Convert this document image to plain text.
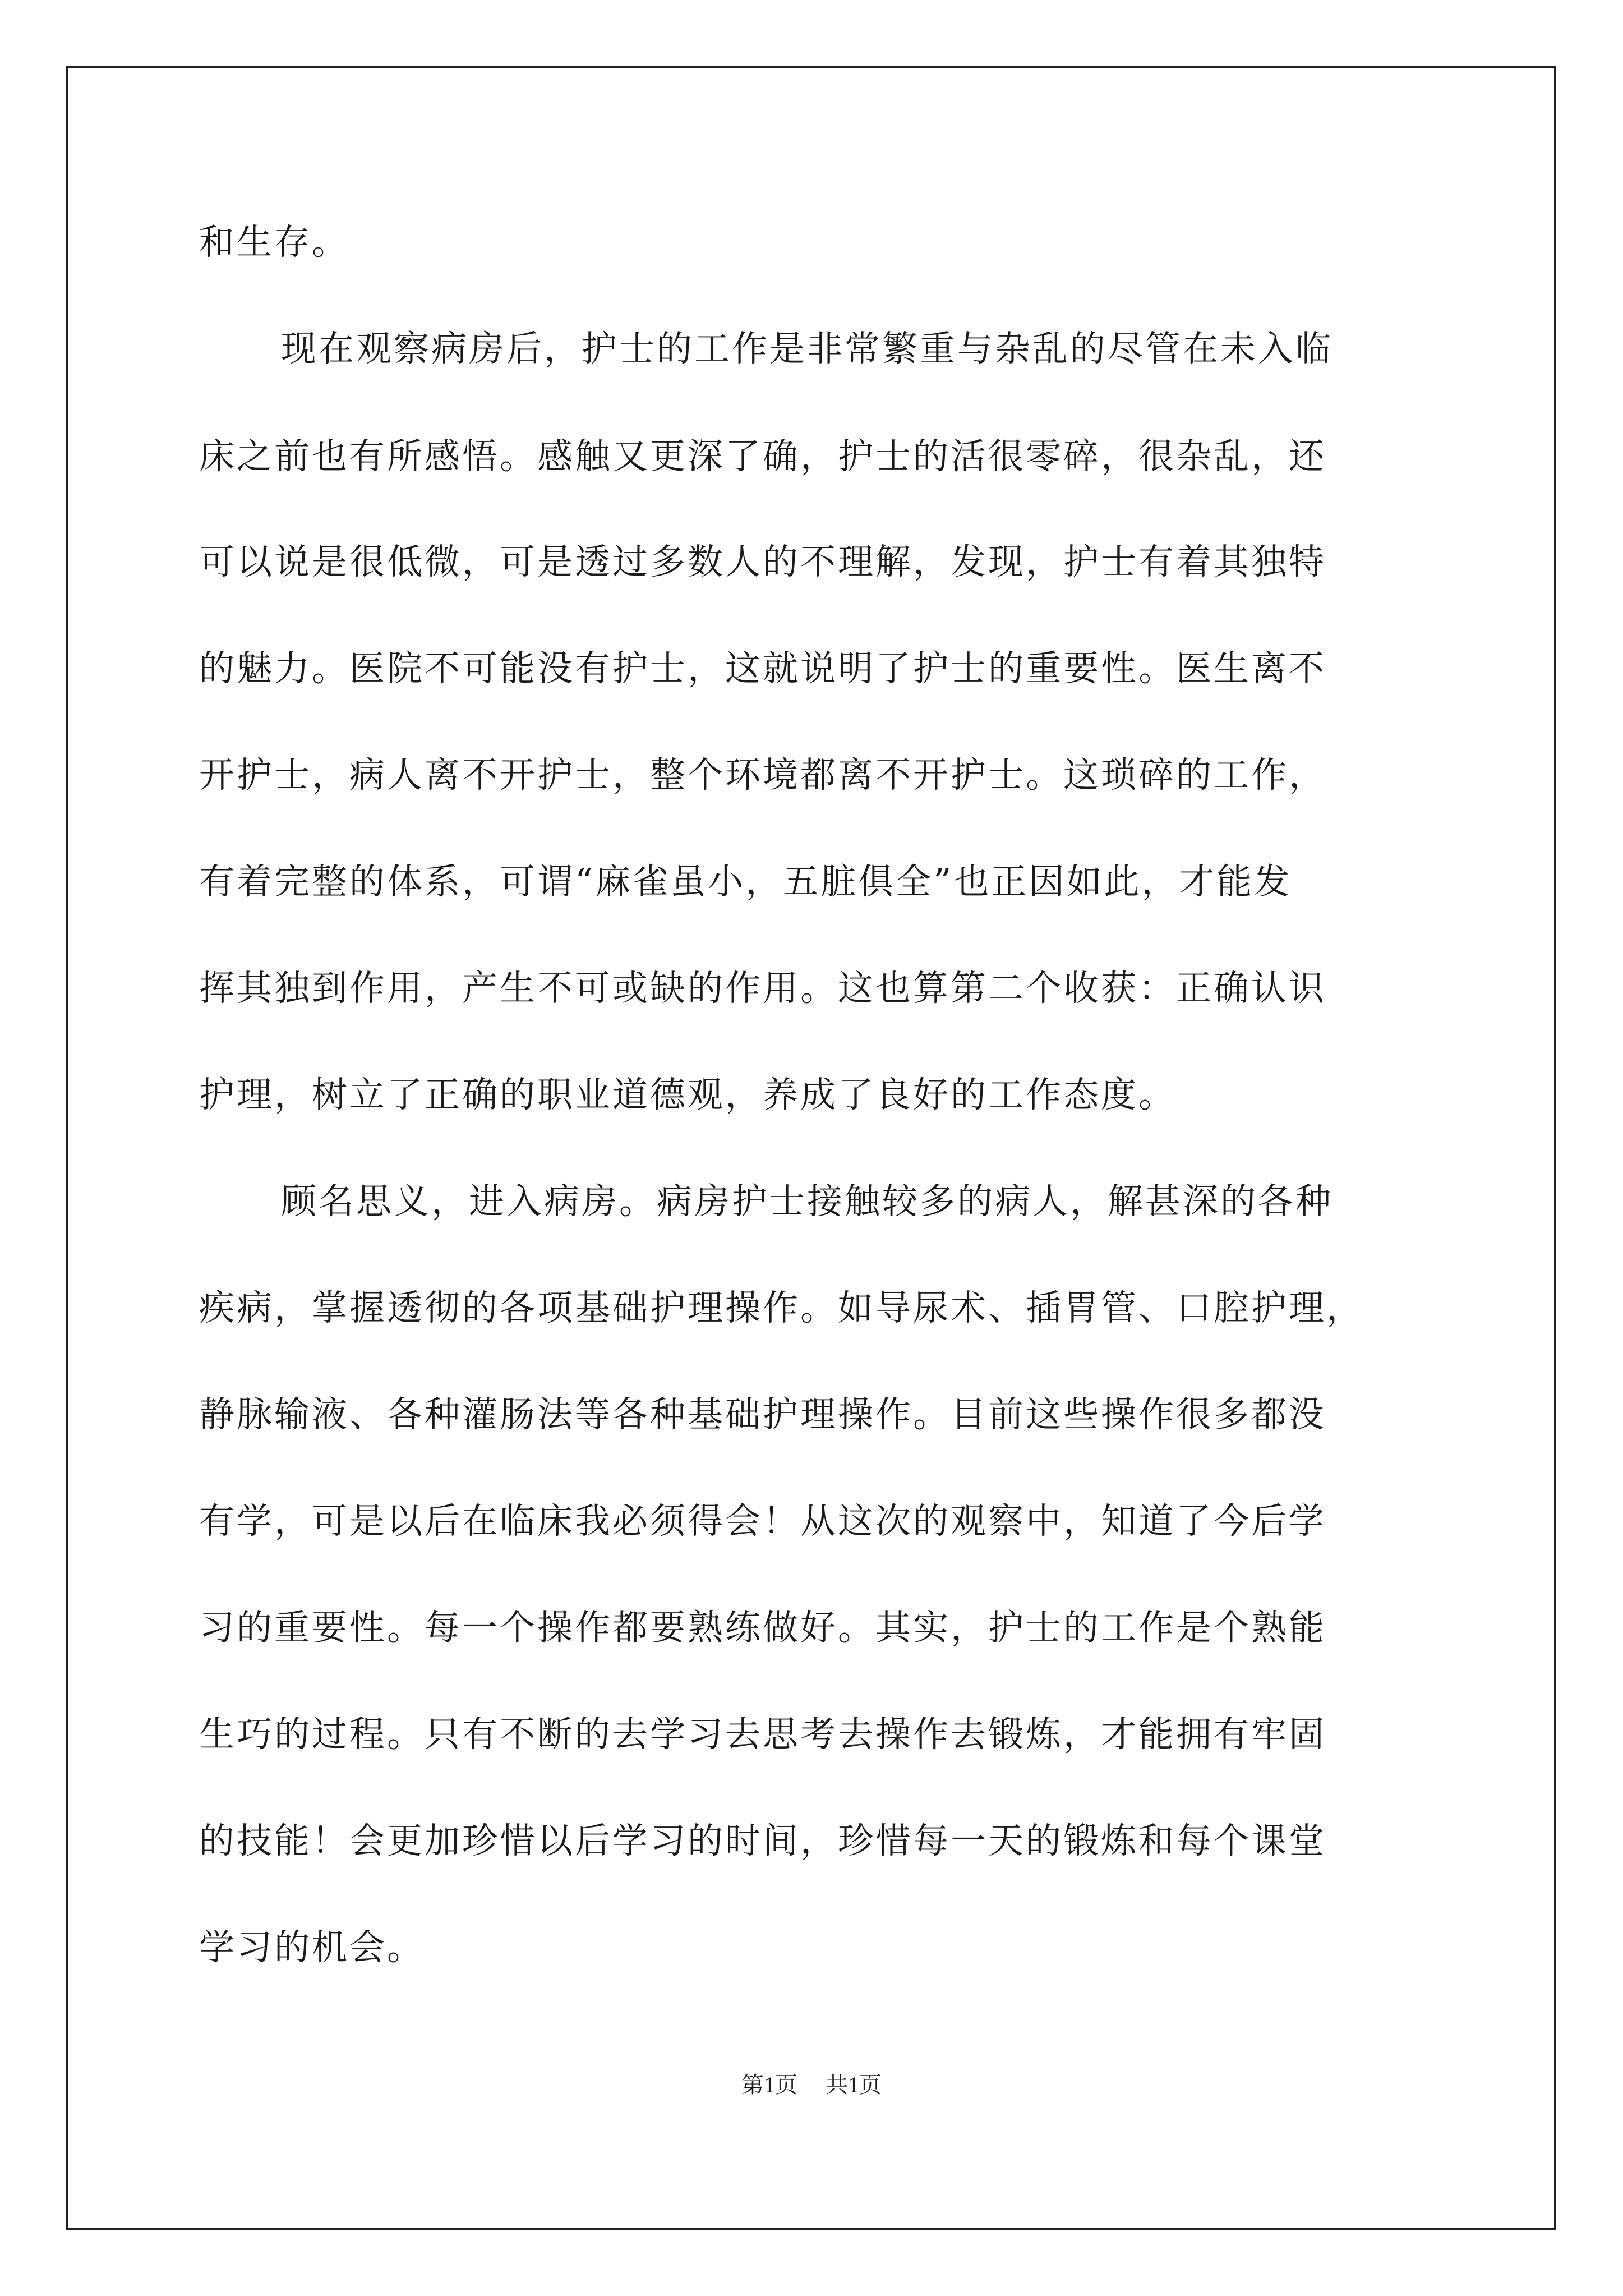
和生存。
现在观察病房后，护士的工作是非常繁重与杂乱的尽管在未入临
床之前也有所感悟。感触又更深了确，护士的活很零碎，很杂乱，还
可以说是很低微，可是透过多数人的不理解，发现，护士有着其独特
的魅力。医院不可能没有护士，这就说明了护士的重要性。医生离不
开护士，病人离不开护士，整个环境都离不开护士。这琐碎的工作，
有着完整的体系，可谓“麻雀虽小，五脏俱全”也正因如此，才能发
挥其独到作用，产生不可或缺的作用。这也算第二个收获：正确认识
护理，树立了正确的职业道德观，养成了良好的工作态度。
顾名思义，进入病房。病房护士接触较多的病人，解甚深的各种
疾病，掌握透彻的各项基础护理操作。如导尿术、插胃管、口腔护理，
静脉输液、各种灌肠法等各种基础护理操作。目前这些操作很多都没
有学，可是以后在临床我必须得会！从这次的观察中，知道了今后学
习的重要性。每一个操作都要熟练做好。其实，护士的工作是个熟能
生巧的过程。只有不断的去学习去思考去操作去锻炼，才能拥有牢固
的技能！会更加珍惜以后学习的时间，珍惜每一天的锻炼和每个课堂
学习的机会。
第1页 共1页
